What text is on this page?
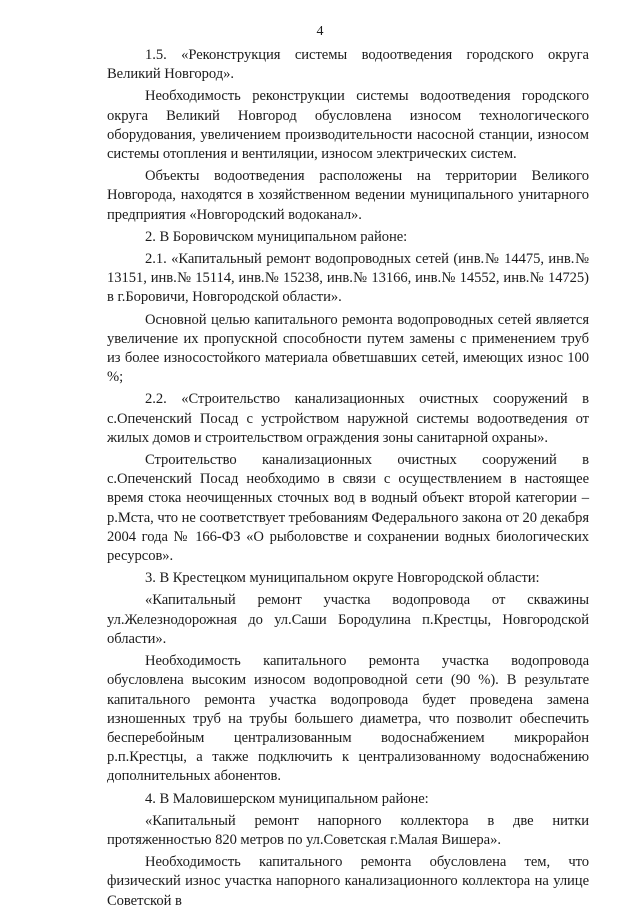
4

1.5. «Реконструкция системы водоотведения городского округа Великий Новгород».

Необходимость реконструкции системы водоотведения городского округа Великий Новгород обусловлена износом технологического оборудования, увеличением производительности насосной станции, износом системы отопления и вентиляции, износом электрических систем.

Объекты водоотведения расположены на территории Великого Новгорода, находятся в хозяйственном ведении муниципального унитарного предприятия «Новгородский водоканал».

2. В Боровичском муниципальном районе:

2.1. «Капитальный ремонт водопроводных сетей (инв.№ 14475, инв.№ 13151, инв.№ 15114, инв.№ 15238, инв.№ 13166, инв.№ 14552, инв.№ 14725) в г.Боровичи, Новгородской области».

Основной целью капитального ремонта водопроводных сетей является увеличение их пропускной способности путем замены с применением труб из более износостойкого материала обветшавших сетей, имеющих износ 100 %;

2.2. «Строительство канализационных очистных сооружений в с.Опеченский Посад с устройством наружной системы водоотведения от жилых домов и строительством ограждения зоны санитарной охраны».

Строительство канализационных очистных сооружений в с.Опеченский Посад необходимо в связи с осуществлением в настоящее время стока неочищенных сточных вод в водный объект второй категории – р.Мста, что не соответствует требованиям Федерального закона от 20 декабря 2004 года № 166-ФЗ «О рыболовстве и сохранении водных биологических ресурсов».

3. В Крестецком муниципальном округе Новгородской области:

«Капитальный ремонт участка водопровода от скважины ул.Железнодорожная до ул.Саши Бородулина п.Крестцы, Новгородской области».

Необходимость капитального ремонта участка водопровода обусловлена высоким износом водопроводной сети (90 %). В результате капитального ремонта участка водопровода будет проведена замена изношенных труб на трубы большего диаметра, что позволит обеспечить бесперебойным централизованным водоснабжением микрорайон р.п.Крестцы, а также подключить к централизованному водоснабжению дополнительных абонентов.

4. В Маловишерском муниципальном районе:

«Капитальный ремонт напорного коллектора в две нитки протяженностью 820 метров по ул.Советская г.Малая Вишера».

Необходимость капитального ремонта обусловлена тем, что физический износ участка напорного канализационного коллектора на улице Советской в
